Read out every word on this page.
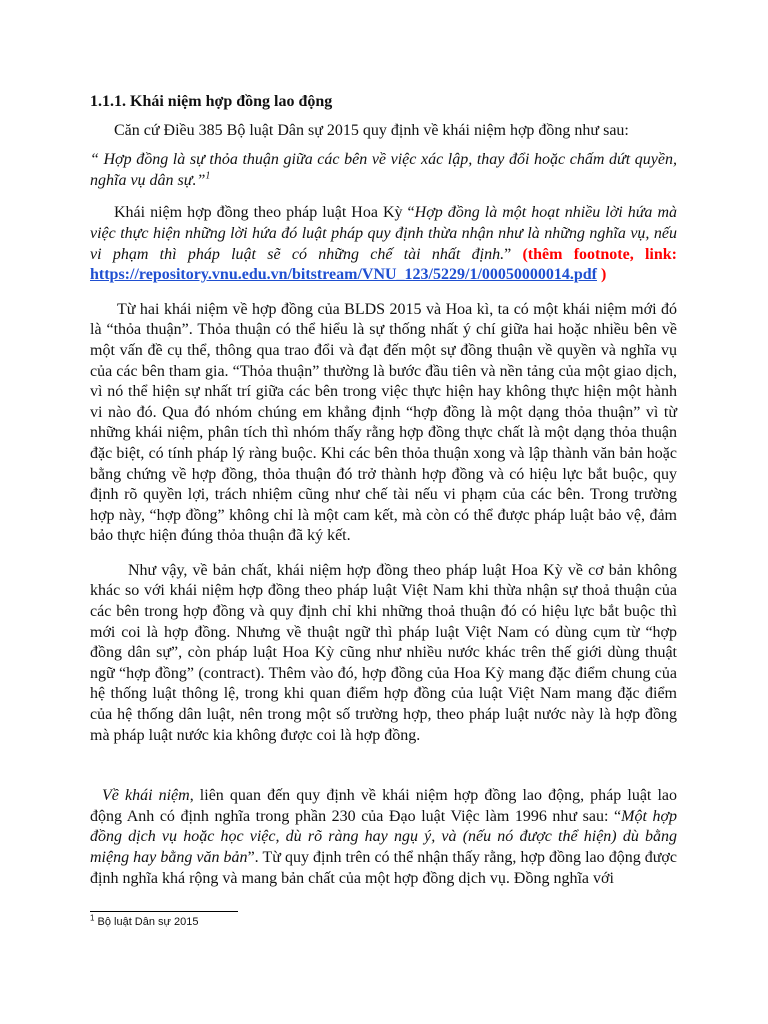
1.1.1. Khái niệm hợp đồng lao động

Căn cứ Điều 385 Bộ luật Dân sự 2015 quy định về khái niệm hợp đồng như sau:

“ Hợp đồng là sự thỏa thuận giữa các bên về việc xác lập, thay đổi hoặc chấm dứt quyền, nghĩa vụ dân sự.”$^1$

Khái niệm hợp đồng theo pháp luật Hoa Kỳ “Hợp đồng là một hoạt nhiều lời hứa mà việc thực hiện những lời hứa đó luật pháp quy định thừa nhận như là những nghĩa vụ, nếu vi phạm thì pháp luật sẽ có những chế tài nhất định.” (thêm footnote, link: https://repository.vnu.edu.vn/bitstream/VNU_123/5229/1/00050000014.pdf )

Từ hai khái niệm về hợp đồng của BLDS 2015 và Hoa kì, ta có một khái niệm mới đó là “thỏa thuận”. Thỏa thuận có thể hiểu là sự thống nhất ý chí giữa hai hoặc nhiều bên về một vấn đề cụ thể, thông qua trao đổi và đạt đến một sự đồng thuận về quyền và nghĩa vụ của các bên tham gia. “Thỏa thuận” thường là bước đầu tiên và nền tảng của một giao dịch, vì nó thể hiện sự nhất trí giữa các bên trong việc thực hiện hay không thực hiện một hành vi nào đó. Qua đó nhóm chúng em khẳng định “hợp đồng là một dạng thỏa thuận” vì từ những khái niệm, phân tích thì nhóm thấy rằng hợp đồng thực chất là một dạng thỏa thuận đặc biệt, có tính pháp lý ràng buộc. Khi các bên thỏa thuận xong và lập thành văn bản hoặc bằng chứng về hợp đồng, thỏa thuận đó trở thành hợp đồng và có hiệu lực bắt buộc, quy định rõ quyền lợi, trách nhiệm cũng như chế tài nếu vi phạm của các bên. Trong trường hợp này, “hợp đồng” không chỉ là một cam kết, mà còn có thể được pháp luật bảo vệ, đảm bảo thực hiện đúng thỏa thuận đã ký kết.

Như vậy, về bản chất, khái niệm hợp đồng theo pháp luật Hoa Kỳ về cơ bản không khác so với khái niệm hợp đồng theo pháp luật Việt Nam khi thừa nhận sự thoả thuận của các bên trong hợp đồng và quy định chỉ khi những thoả thuận đó có hiệu lực bắt buộc thì mới coi là hợp đồng. Nhưng về thuật ngữ thì pháp luật Việt Nam có dùng cụm từ “hợp đồng dân sự”, còn pháp luật Hoa Kỳ cũng như nhiều nước khác trên thế giới dùng thuật ngữ “hợp đồng” (contract). Thêm vào đó, hợp đồng của Hoa Kỳ mang đặc điểm chung của hệ thống luật thông lệ, trong khi quan điểm hợp đồng của luật Việt Nam mang đặc điểm của hệ thống dân luật, nên trong một số trường hợp, theo pháp luật nước này là hợp đồng mà pháp luật nước kia không được coi là hợp đồng.

Về khái niệm, liên quan đến quy định về khái niệm hợp đồng lao động, pháp luật lao động Anh có định nghĩa trong phần 230 của Đạo luật Việc làm 1996 như sau: “Một hợp đồng dịch vụ hoặc học việc, dù rõ ràng hay ngụ ý, và (nếu nó được thể hiện) dù bằng miệng hay bằng văn bản”. Từ quy định trên có thể nhận thấy rằng, hợp đồng lao động được định nghĩa khá rộng và mang bản chất của một hợp đồng dịch vụ. Đồng nghĩa với

$^1$ Bộ luật Dân sự 2015
